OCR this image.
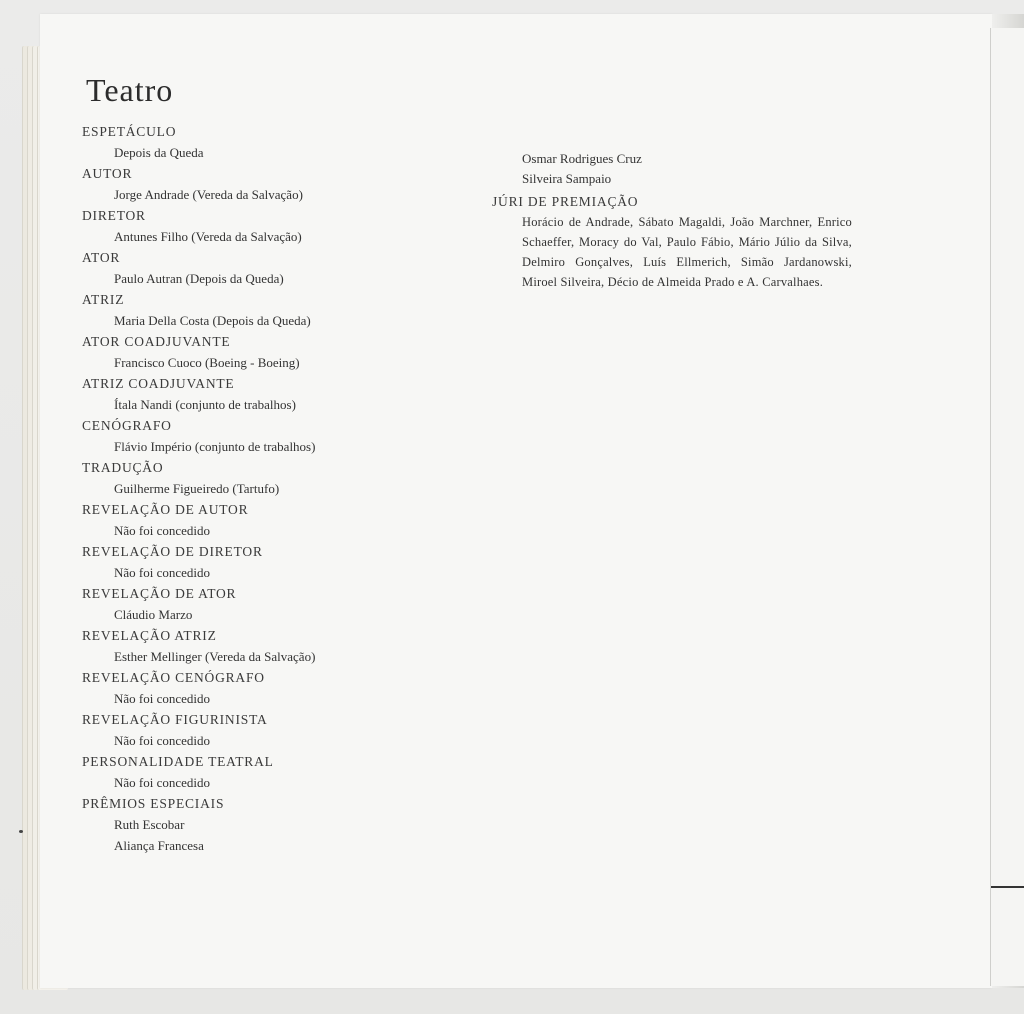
Teatro
ESPETÁCULO
Depois da Queda
AUTOR
Jorge Andrade (Vereda da Salvação)
DIRETOR
Antunes Filho (Vereda da Salvação)
ATOR
Paulo Autran (Depois da Queda)
ATRIZ
Maria Della Costa (Depois da Queda)
ATOR COADJUVANTE
Francisco Cuoco (Boeing - Boeing)
ATRIZ COADJUVANTE
Ítala Nandi (conjunto de trabalhos)
CENÓGRAFO
Flávio Império (conjunto de trabalhos)
TRADUÇÃO
Guilherme Figueiredo (Tartufo)
REVELAÇÃO DE AUTOR
Não foi concedido
REVELAÇÃO DE DIRETOR
Não foi concedido
REVELAÇÃO DE ATOR
Cláudio Marzo
REVELAÇÃO ATRIZ
Esther Mellinger (Vereda da Salvação)
REVELAÇÃO CENÓGRAFO
Não foi concedido
REVELAÇÃO FIGURINISTA
Não foi concedido
PERSONALIDADE TEATRAL
Não foi concedido
PRÊMIOS ESPECIAIS
Ruth Escobar
Aliança Francesa
Osmar Rodrigues Cruz
Silveira Sampaio
JÚRI DE PREMIAÇÃO
Horácio de Andrade, Sábato Magaldi, João Marchner, Enrico Schaeffer, Moracy do Val, Paulo Fábio, Mário Júlio da Silva, Delmiro Gonçalves, Luís Ellmerich, Simão Jardanowski, Miroel Silveira, Décio de Almeida Prado e A. Carvalhaes.
